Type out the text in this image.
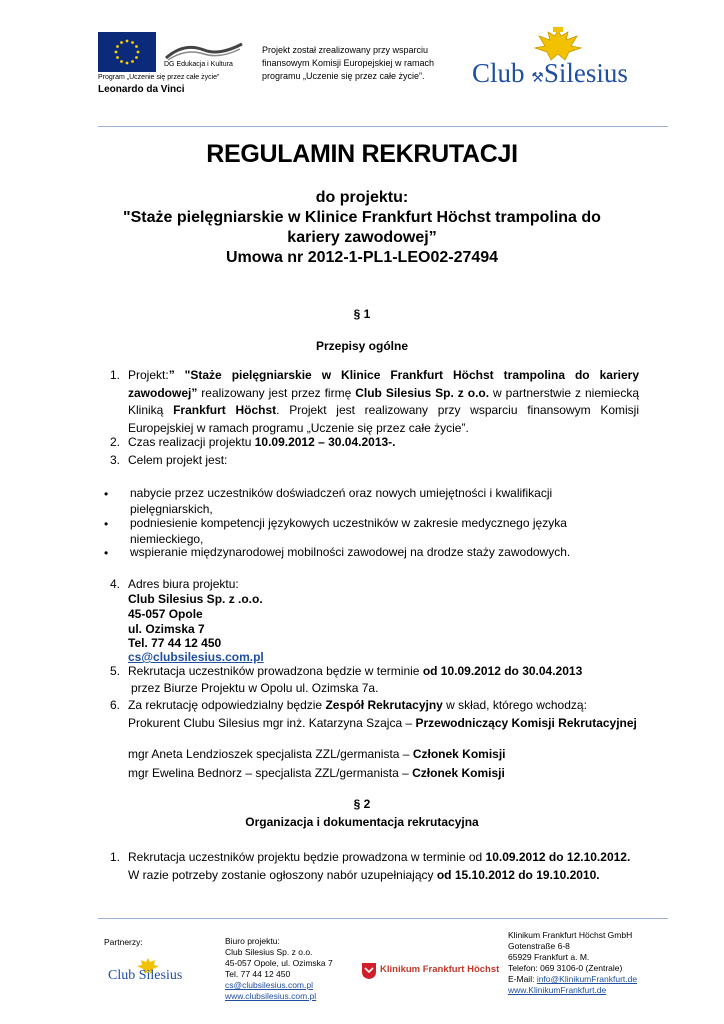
DG Edukacja i Kultura
Program „Uczenie się przez całe życie”
Leonardo da Vinci
Projekt został zrealizowany przy wsparciu finansowym Komisji Europejskiej w ramach programu „Uczenie się przez całe życie”.	Club ⚒Silesius
REGULAMIN REKRUTACJI
do projektu:
"Staże pielęgniarskie w Klinice Frankfurt Höchst trampolina do
kariery zawodowej”
Umowa nr 2012-1-PL1-LEO02-27494
§ 1
Przepisy ogólne
1. Projekt:” "Staże pielęgniarskie w Klinice Frankfurt Höchst trampolina do kariery zawodowej” realizowany jest przez firmę Club Silesius Sp. z o.o. w partnerstwie z niemiecką Kliniką Frankfurt Höchst. Projekt jest realizowany przy wsparciu finansowym Komisji Europejskiej w ramach programu „Uczenie się przez całe życie”.
2. Czas realizacji projektu 10.09.2012 – 30.04.2013-.
3. Celem projekt jest:
• nabycie przez uczestników doświadczeń oraz nowych umiejętności i kwalifikacji pielęgniarskich,
• podniesienie kompetencji językowych uczestników w zakresie medycznego języka niemieckiego,
• wspieranie międzynarodowej mobilności zawodowej na drodze staży zawodowych.
4. Adres biura projektu:
Club Silesius Sp. z .o.o.
45-057 Opole
ul. Ozimska 7
Tel. 77 44 12 450
cs@clubsilesius.com.pl
5. Rekrutacja uczestników prowadzona będzie w terminie od 10.09.2012 do 30.04.2013
przez Biurze Projektu w Opolu ul. Ozimska 7a.
6. Za rekrutację odpowiedzialny będzie Zespół Rekrutacyjny w skład, którego wchodzą:
Prokurent Clubu Silesius mgr inż. Katarzyna Szajca – Przewodniczący Komisji Rekrutacyjnej
mgr Aneta Lendzioszek specjalista ZZL/germanista – Członek Komisji
mgr Ewelina Bednorz – specjalista ZZL/germanista – Członek Komisji
§ 2
Organizacja i dokumentacja rekrutacyjna
1. Rekrutacja uczestników projektu będzie prowadzona w terminie od 10.09.2012 do 12.10.2012. W razie potrzeby zostanie ogłoszony nabór uzupełniający od 15.10.2012 do 19.10.2010.
Partnerzy:
Club Silesius
Biuro projektu:
Club Silesius Sp. z o.o.
45-057 Opole, ul. Ozimska 7
Tel. 77 44 12 450
cs@clubsilesius.com.pl
www.clubsilesius.com.pl
Klinikum Frankfurt Höchst
Klinikum Frankfurt Höchst GmbH
Gotenstraße 6-8
65929 Frankfurt a. M.
Telefon: 069 3106-0 (Zentrale)
E-Mail: info@KlinikumFrankfurt.de
www.KlinikumFrankfurt.de
